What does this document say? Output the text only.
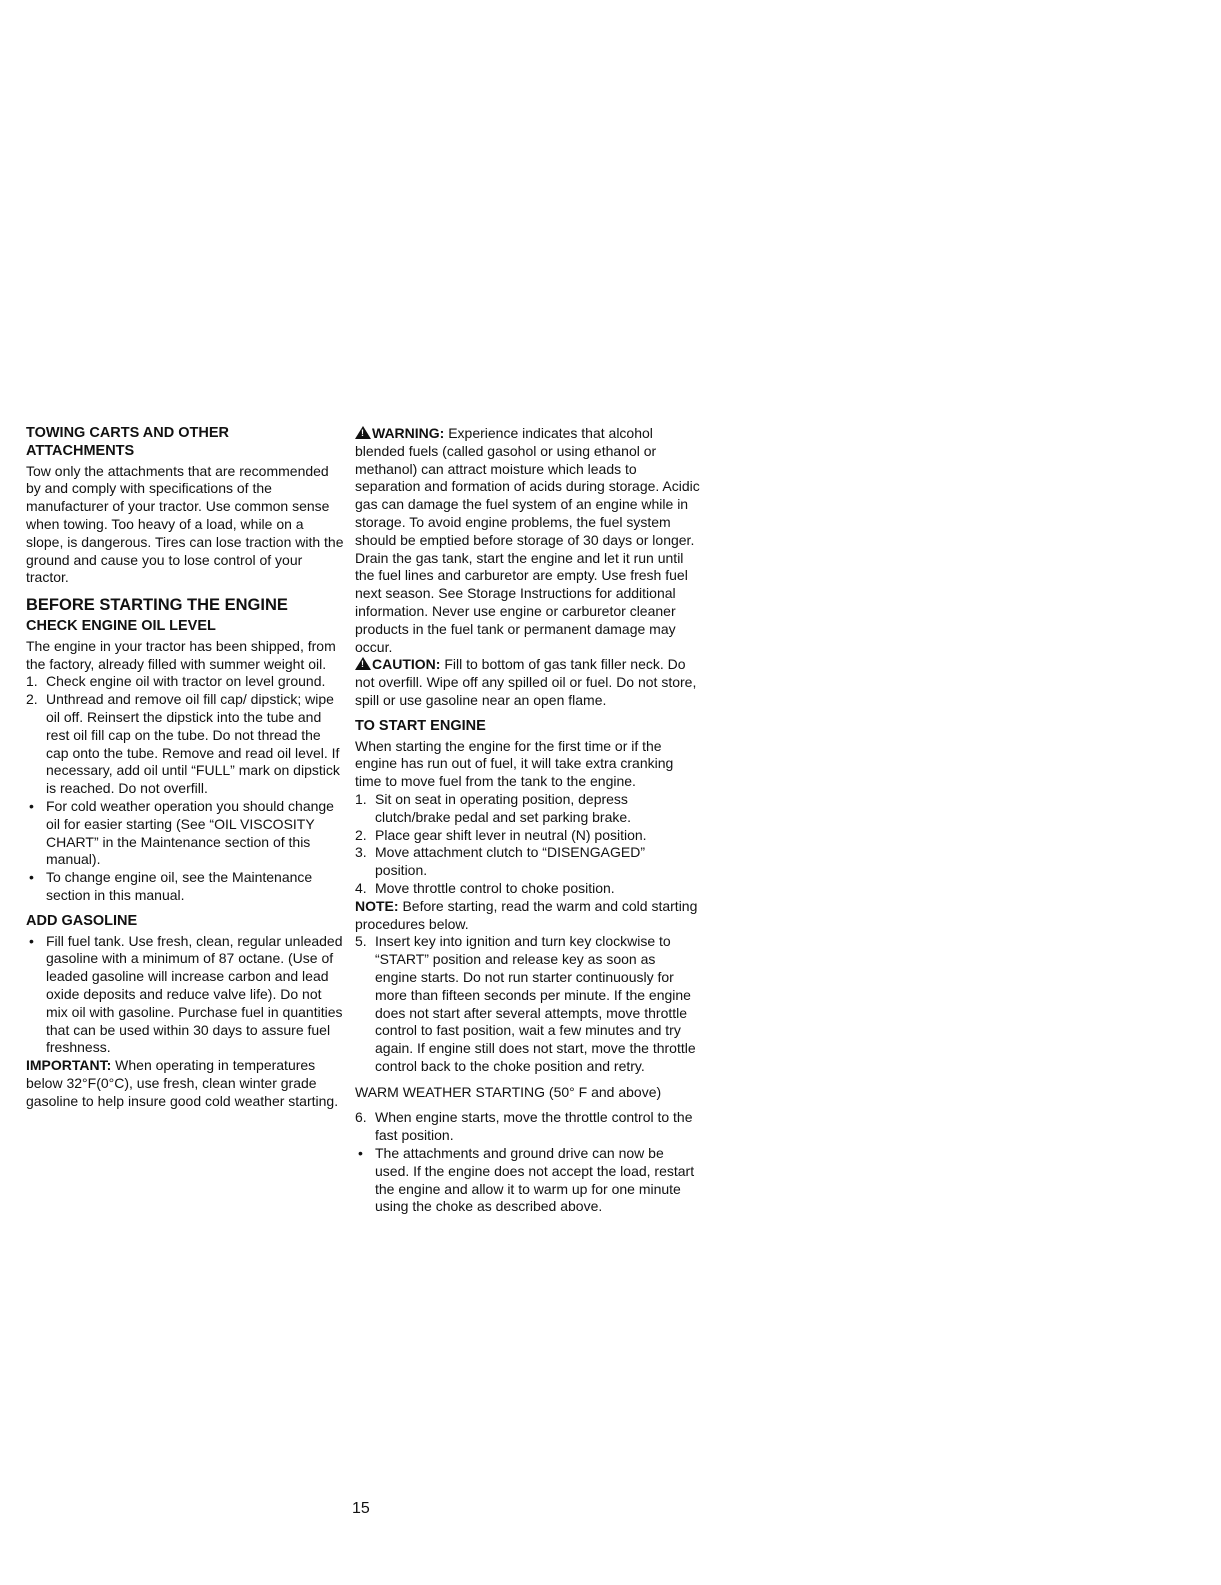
TOWING CARTS AND OTHER
ATTACHMENTS

Tow only the attachments that are recommended by and comply with specifications of the manufacturer of your tractor. Use common sense when towing. Too heavy of a load, while on a slope, is dangerous. Tires can lose traction with the ground and cause you to lose control of your tractor.

BEFORE STARTING THE ENGINE

CHECK ENGINE OIL LEVEL

The engine in your tractor has been shipped, from the factory, already filled with summer weight oil.

1. Check engine oil with tractor on level ground.
2. Unthread and remove oil fill cap/ dipstick; wipe oil off. Reinsert the dipstick into the tube and rest oil fill cap on the tube. Do not thread the cap onto the tube. Remove and read oil level. If necessary, add oil until “FULL” mark on dipstick is reached. Do not overfill.
• For cold weather operation you should change oil for easier starting (See “OIL VISCOSITY CHART” in the Maintenance section of this manual).
• To change engine oil, see the Maintenance section in this manual.

ADD GASOLINE

• Fill fuel tank. Use fresh, clean, regular unleaded gasoline with a minimum of 87 octane. (Use of leaded gasoline will increase carbon and lead oxide deposits and reduce valve life). Do not mix oil with gasoline. Purchase fuel in quantities that can be used within 30 days to assure fuel freshness.

IMPORTANT: When operating in temperatures below 32°F(0°C), use fresh, clean winter grade gasoline to help insure good cold weather starting.

!WARNING: Experience indicates that alcohol blended fuels (called gasohol or using ethanol or methanol) can attract moisture which leads to separation and formation of acids during storage. Acidic gas can damage the fuel system of an engine while in storage. To avoid engine problems, the fuel system should be emptied before storage of 30 days or longer. Drain the gas tank, start the engine and let it run until the fuel lines and carburetor are empty. Use fresh fuel next season. See Storage Instructions for additional information. Never use engine or carburetor cleaner products in the fuel tank or permanent damage may occur.

!CAUTION: Fill to bottom of gas tank filler neck. Do not overfill. Wipe off any spilled oil or fuel. Do not store, spill or use gasoline near an open flame.

TO START ENGINE

When starting the engine for the first time or if the engine has run out of fuel, it will take extra cranking time to move fuel from the tank to the engine.

1. Sit on seat in operating position, depress clutch/brake pedal and set parking brake.
2. Place gear shift lever in neutral (N) position.
3. Move attachment clutch to “DISENGAGED” position.
4. Move throttle control to choke position.

NOTE: Before starting, read the warm and cold starting procedures below.

5. Insert key into ignition and turn key clockwise to “START” position and release key as soon as engine starts. Do not run starter continuously for more than fifteen seconds per minute. If the engine does not start after several attempts, move throttle control to fast position, wait a few minutes and try again. If engine still does not start, move the throttle control back to the choke position and retry.

WARM WEATHER STARTING (50° F and above)

6. When engine starts, move the throttle control to the fast position.
• The attachments and ground drive can now be used. If the engine does not accept the load, restart the engine and allow it to warm up for one minute using the choke as described above.
15
